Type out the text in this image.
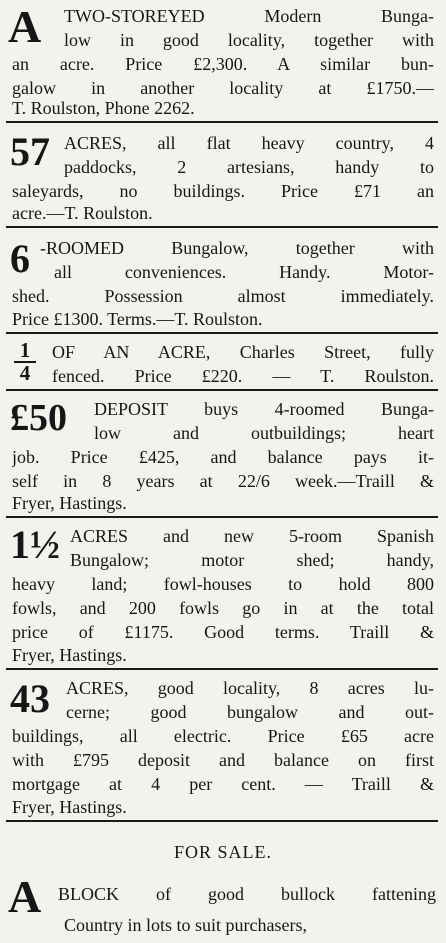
A TWO-STOREYED Modern Bunga-
low in good locality, together with
an acre. Price £2,300. A similar bun-
galow in another locality at £1750.—
T. Roulston, Phone 2262.
57 ACRES, all flat heavy country, 4
paddocks, 2 artesians, handy to
saleyards, no buildings. Price £71 an
acre.—T. Roulston.
6 -ROOMED Bungalow, together with
all conveniences. Handy. Motor-
shed. Possession almost immediately.
Price £1300. Terms.—T. Roulston.
$\frac{1}{4}$ OF AN ACRE, Charles Street, fully
fenced. Price £220. — T. Roulston.
£50 DEPOSIT buys 4-roomed Bunga-
low and outbuildings; heart
job. Price £425, and balance pays it-
self in 8 years at 22/6 week.—Traill &
Fryer, Hastings.
1½ ACRES and new 5-room Spanish
Bungalow; motor shed; handy,
heavy land; fowl-houses to hold 800
fowls, and 200 fowls go in at the total
price of £1175. Good terms. Traill &
Fryer, Hastings.
43 ACRES, good locality, 8 acres lu-
cerne; good bungalow and out-
buildings, all electric. Price £65 acre
with £795 deposit and balance on first
mortgage at 4 per cent. — Traill &
Fryer, Hastings.
FOR SALE.
A BLOCK of good bullock fattening
Country in lots to suit purchasers,
